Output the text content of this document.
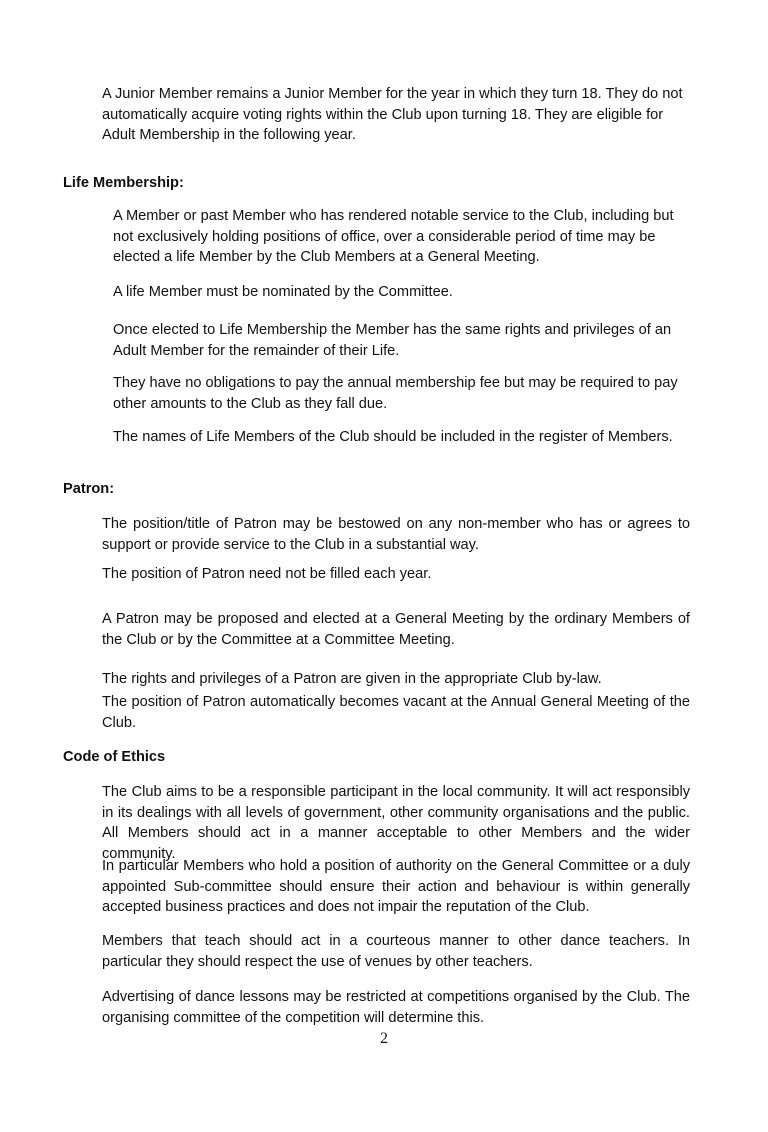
A Junior Member remains a Junior Member for the year in which they turn 18. They do not automatically acquire voting rights within the Club upon turning 18. They are eligible for Adult Membership in the following year.

Life Membership:

A Member or past Member who has rendered notable service to the Club, including but not exclusively holding positions of office, over a considerable period of time may be elected a life Member by the Club Members at a General Meeting.

A life Member must be nominated by the Committee.

Once elected to Life Membership the Member has the same rights and privileges of an Adult Member for the remainder of their Life.

They have no obligations to pay the annual membership fee but may be required to pay other amounts to the Club as they fall due.

The names of Life Members of the Club should be included in the register of Members.

Patron:

The position/title of Patron may be bestowed on any non-member who has or agrees to support or provide service to the Club in a substantial way.

The position of Patron need not be filled each year.

A Patron may be proposed and elected at a General Meeting by the ordinary Members of the Club or by the Committee at a Committee Meeting.

The rights and privileges of a Patron are given in the appropriate Club by-law.

The position of Patron automatically becomes vacant at the Annual General Meeting of the Club.

Code of Ethics

The Club aims to be a responsible participant in the local community. It will act responsibly in its dealings with all levels of government, other community organisations and the public. All Members should act in a manner acceptable to other Members and the wider community.

In particular Members who hold a position of authority on the General Committee or a duly appointed Sub-committee should ensure their action and behaviour is within generally accepted business practices and does not impair the reputation of the Club.

Members that teach should act in a courteous manner to other dance teachers. In particular they should respect the use of venues by other teachers.

Advertising of dance lessons may be restricted at competitions organised by the Club. The organising committee of the competition will determine this.

2
